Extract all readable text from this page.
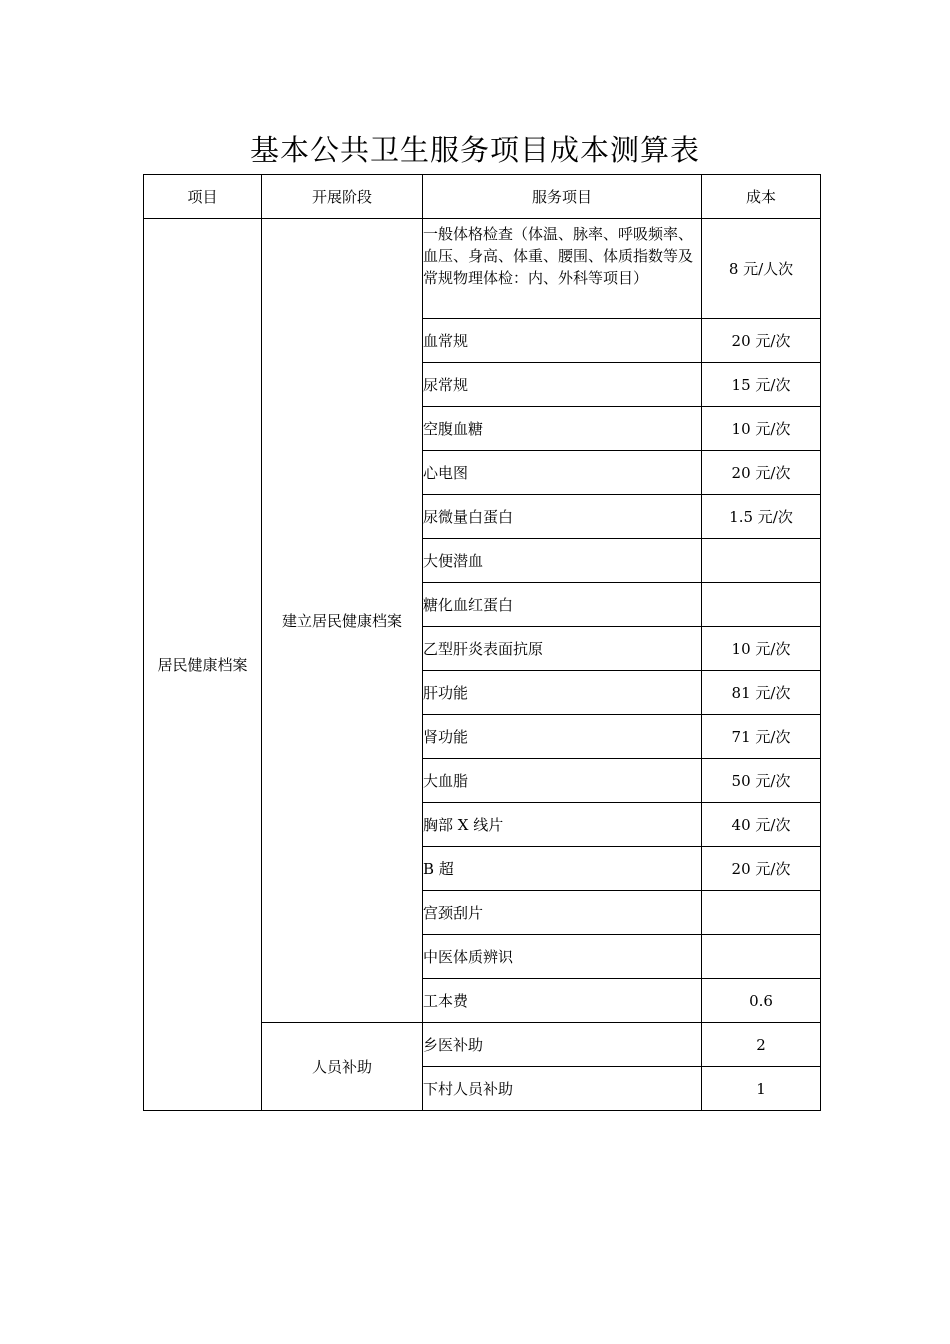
基本公共卫生服务项目成本测算表
项目	开展阶段	服务项目	成本
居民健康档案	建立居民健康档案	一般体格检查（体温、脉率、呼吸频率、血压、身高、体重、腰围、体质指数等及常规物理体检：内、外科等项目）	8 元/人次
		血常规	20 元/次
		尿常规	15 元/次
		空腹血糖	10 元/次
		心电图	20 元/次
		尿微量白蛋白	1.5 元/次
		大便潜血	
		糖化血红蛋白	
		乙型肝炎表面抗原	10 元/次
		肝功能	81 元/次
		肾功能	71 元/次
		大血脂	50 元/次
		胸部 X 线片	40 元/次
		B 超	20 元/次
		宫颈刮片	
		中医体质辨识	
		工本费	0.6
	人员补助	乡医补助	2
		下村人员补助	1
